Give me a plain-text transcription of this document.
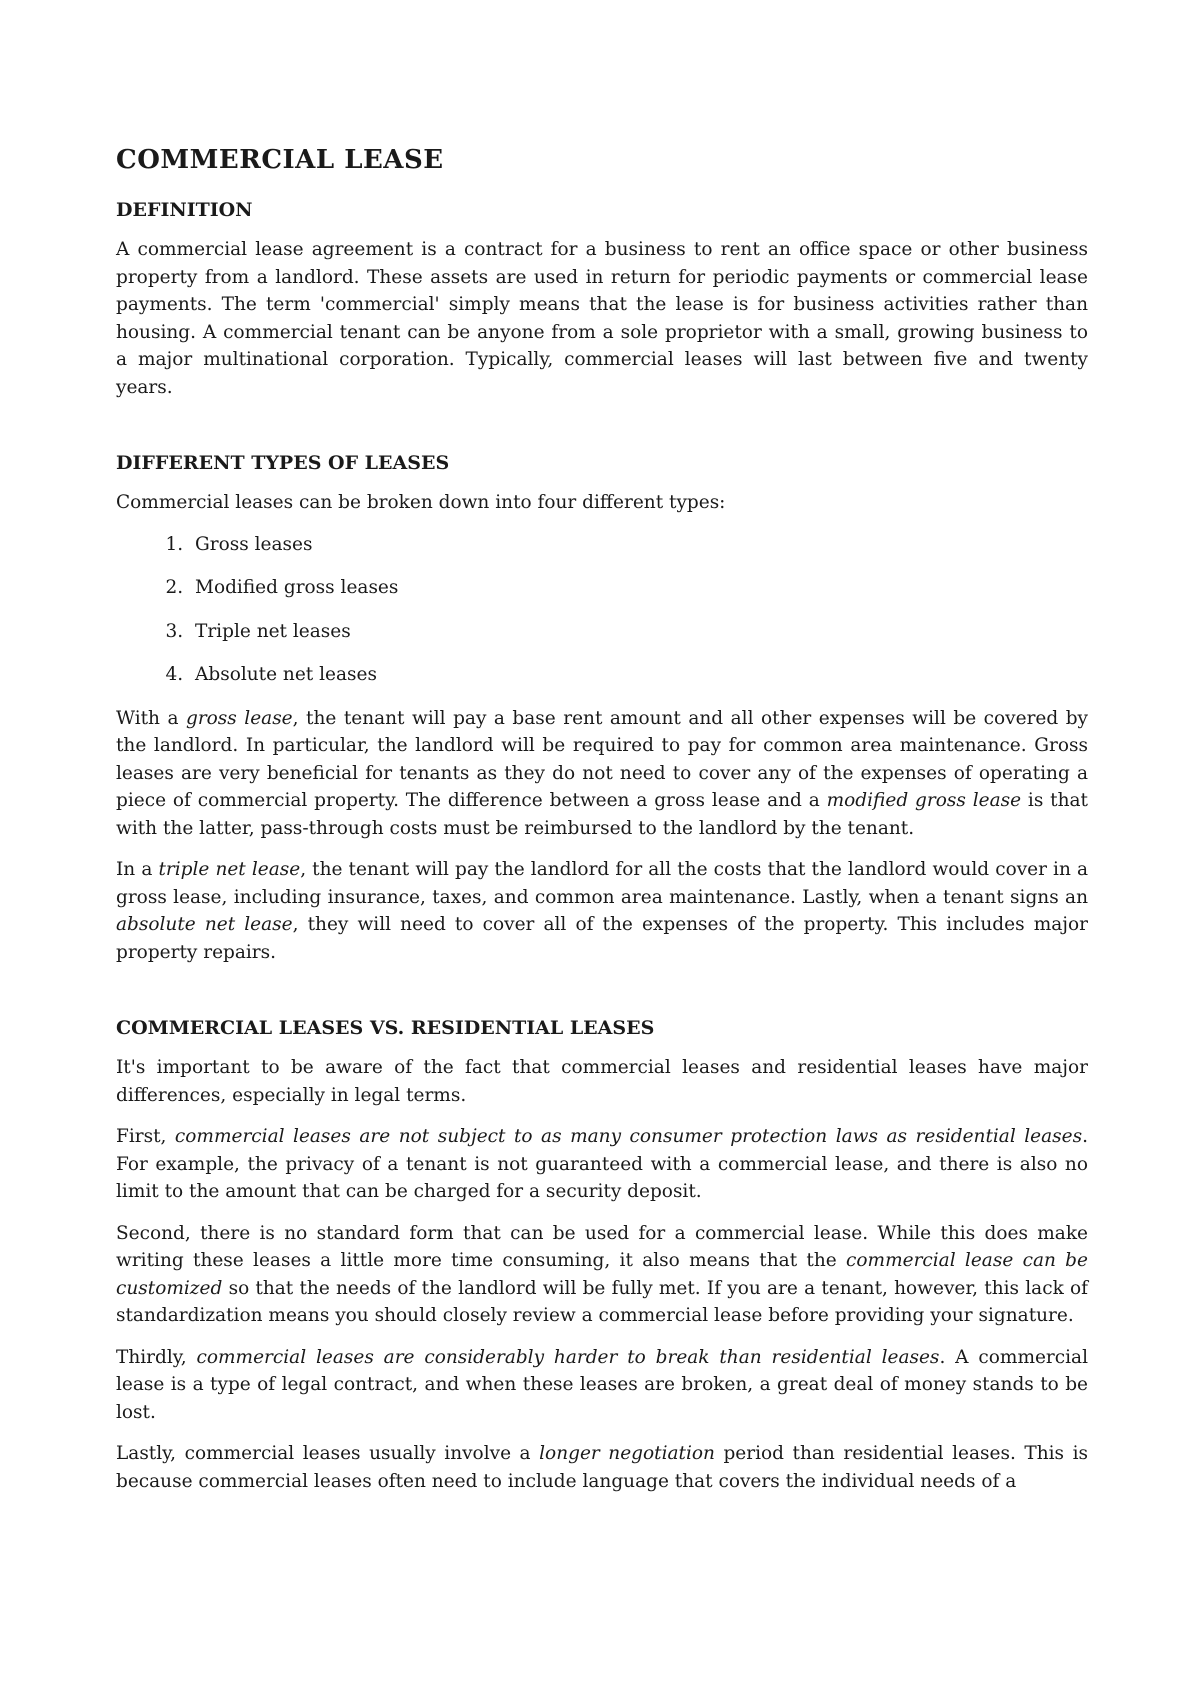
COMMERCIAL LEASE
DEFINITION

A commercial lease agreement is a contract for a business to rent an office space or other business property from a landlord. These assets are used in return for periodic payments or commercial lease payments. The term 'commercial' simply means that the lease is for business activities rather than housing. A commercial tenant can be anyone from a sole proprietor with a small, growing business to a major multinational corporation. Typically, commercial leases will last between five and twenty years.

DIFFERENT TYPES OF LEASES

Commercial leases can be broken down into four different types:

1. Gross leases
2. Modified gross leases
3. Triple net leases
4. Absolute net leases

With a gross lease, the tenant will pay a base rent amount and all other expenses will be covered by the landlord. In particular, the landlord will be required to pay for common area maintenance. Gross leases are very beneficial for tenants as they do not need to cover any of the expenses of operating a piece of commercial property. The difference between a gross lease and a modified gross lease is that with the latter, pass-through costs must be reimbursed to the landlord by the tenant.

In a triple net lease, the tenant will pay the landlord for all the costs that the landlord would cover in a gross lease, including insurance, taxes, and common area maintenance. Lastly, when a tenant signs an absolute net lease, they will need to cover all of the expenses of the property. This includes major property repairs.

COMMERCIAL LEASES VS. RESIDENTIAL LEASES

It's important to be aware of the fact that commercial leases and residential leases have major differences, especially in legal terms.

First, commercial leases are not subject to as many consumer protection laws as residential leases. For example, the privacy of a tenant is not guaranteed with a commercial lease, and there is also no limit to the amount that can be charged for a security deposit.

Second, there is no standard form that can be used for a commercial lease. While this does make writing these leases a little more time consuming, it also means that the commercial lease can be customized so that the needs of the landlord will be fully met. If you are a tenant, however, this lack of standardization means you should closely review a commercial lease before providing your signature.

Thirdly, commercial leases are considerably harder to break than residential leases. A commercial lease is a type of legal contract, and when these leases are broken, a great deal of money stands to be lost.

Lastly, commercial leases usually involve a longer negotiation period than residential leases. This is because commercial leases often need to include language that covers the individual needs of a
